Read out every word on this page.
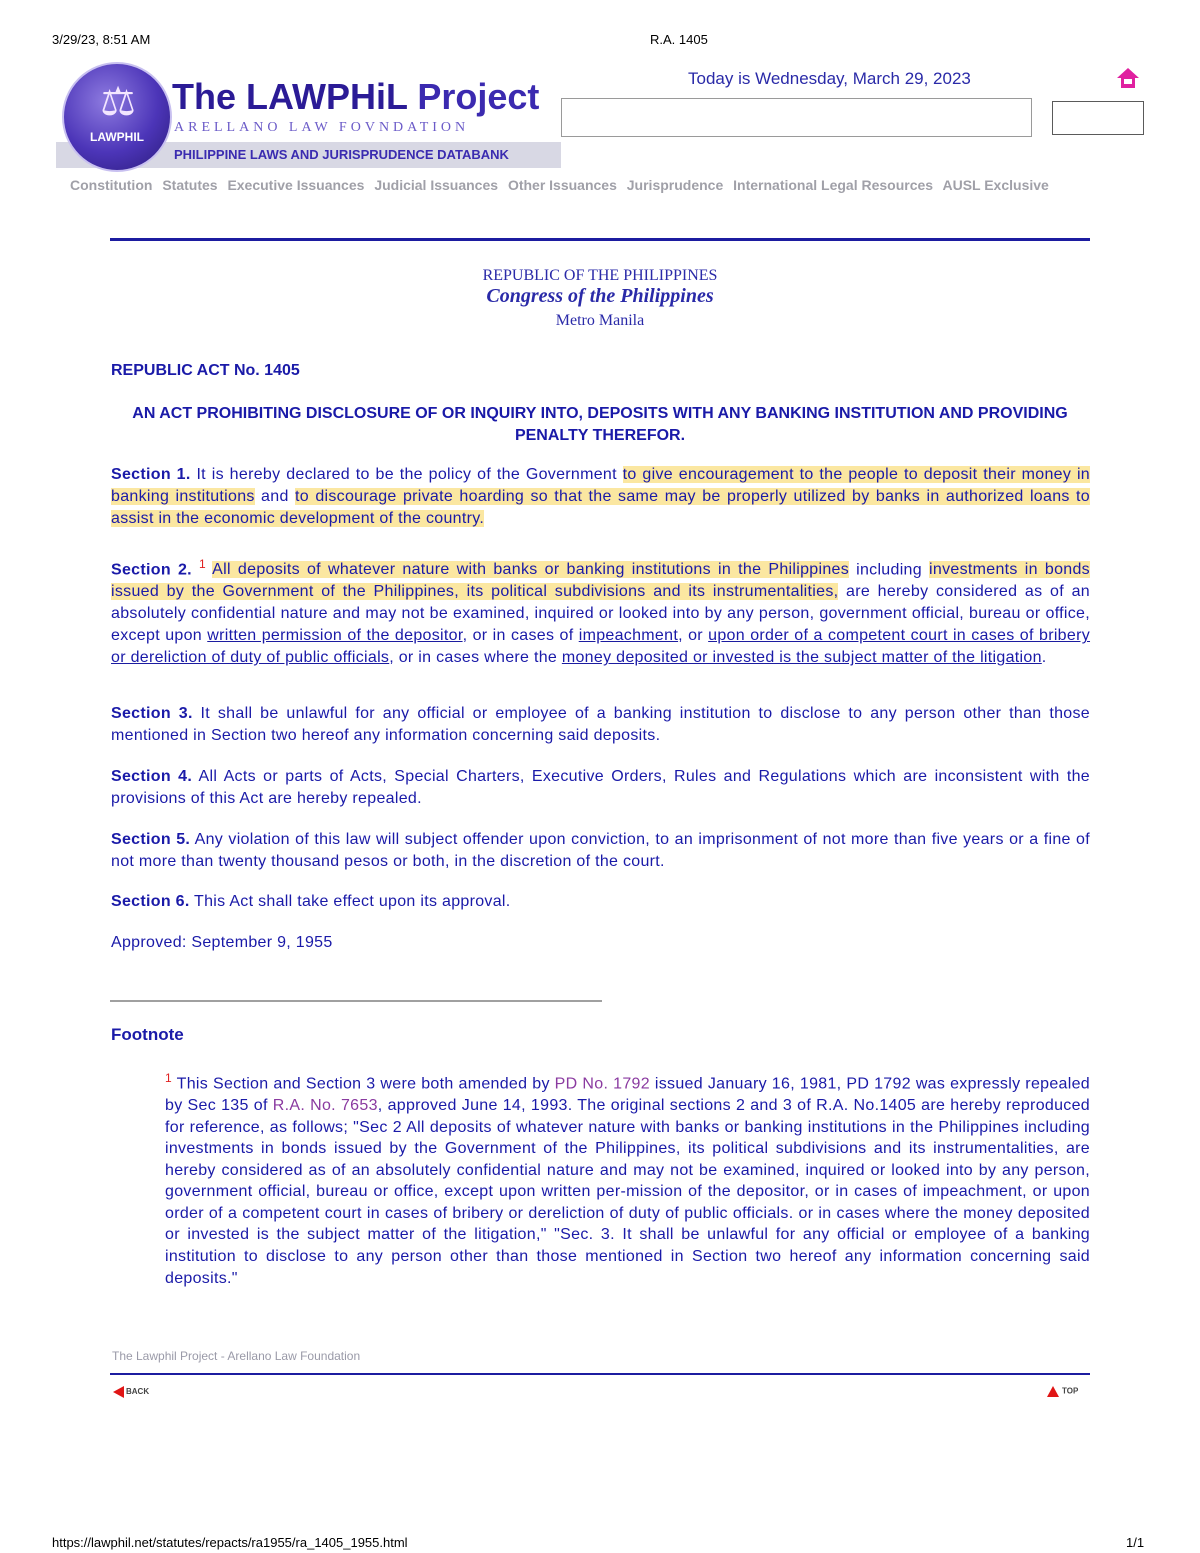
3/29/23, 8:51 AM	R.A. 1405
PHILIPPINE LAWS AND JURISPRUDENCE DATABANK
⚖
LAWPHIL
The LAWPHiL Project
ARELLANO LAW FOVNDATION
Today is Wednesday, March 29, 2023
Constitution Statutes Executive Issuances Judicial Issuances Other Issuances Jurisprudence International Legal Resources AUSL Exclusive
REPUBLIC OF THE PHILIPPINES
Congress of the Philippines
Metro Manila
REPUBLIC ACT No. 1405
AN ACT PROHIBITING DISCLOSURE OF OR INQUIRY INTO, DEPOSITS WITH ANY BANKING INSTITUTION AND PROVIDING PENALTY THEREFOR.
Section 1. It is hereby declared to be the policy of the Government to give encouragement to the people to deposit their money in banking institutions and to discourage private hoarding so that the same may be properly utilized by banks in authorized loans to assist in the economic development of the country.
Section 2. $^1$ All deposits of whatever nature with banks or banking institutions in the Philippines including investments in bonds issued by the Government of the Philippines, its political subdivisions and its instrumentalities, are hereby considered as of an absolutely confidential nature and may not be examined, inquired or looked into by any person, government official, bureau or office, except upon written permission of the depositor, or in cases of impeachment, or upon order of a competent court in cases of bribery or dereliction of duty of public officials, or in cases where the money deposited or invested is the subject matter of the litigation.
Section 3. It shall be unlawful for any official or employee of a banking institution to disclose to any person other than those mentioned in Section two hereof any information concerning said deposits.
Section 4. All Acts or parts of Acts, Special Charters, Executive Orders, Rules and Regulations which are inconsistent with the provisions of this Act are hereby repealed.
Section 5. Any violation of this law will subject offender upon conviction, to an imprisonment of not more than five years or a fine of not more than twenty thousand pesos or both, in the discretion of the court.
Section 6. This Act shall take effect upon its approval.
Approved: September 9, 1955
Footnote
$^1$ This Section and Section 3 were both amended by PD No. 1792 issued January 16, 1981, PD 1792 was expressly repealed by Sec 135 of R.A. No. 7653, approved June 14, 1993. The original sections 2 and 3 of R.A. No.1405 are hereby reproduced for reference, as follows; "Sec 2 All deposits of whatever nature with banks or banking institutions in the Philippines including investments in bonds issued by the Government of the Philippines, its political subdivisions and its instrumentalities, are hereby considered as of an absolutely confidential nature and may not be examined, inquired or looked into by any person, government official, bureau or office, except upon written per-mission of the depositor, or in cases of impeachment, or upon order of a competent court in cases of bribery or dereliction of duty of public officials. or in cases where the money deposited or invested is the subject matter of the litigation," "Sec. 3. It shall be unlawful for any official or employee of a banking institution to disclose to any person other than those mentioned in Section two hereof any information concerning said deposits."
The Lawphil Project - Arellano Law Foundation
BACK	TOP
https://lawphil.net/statutes/repacts/ra1955/ra_1405_1955.html	1/1
